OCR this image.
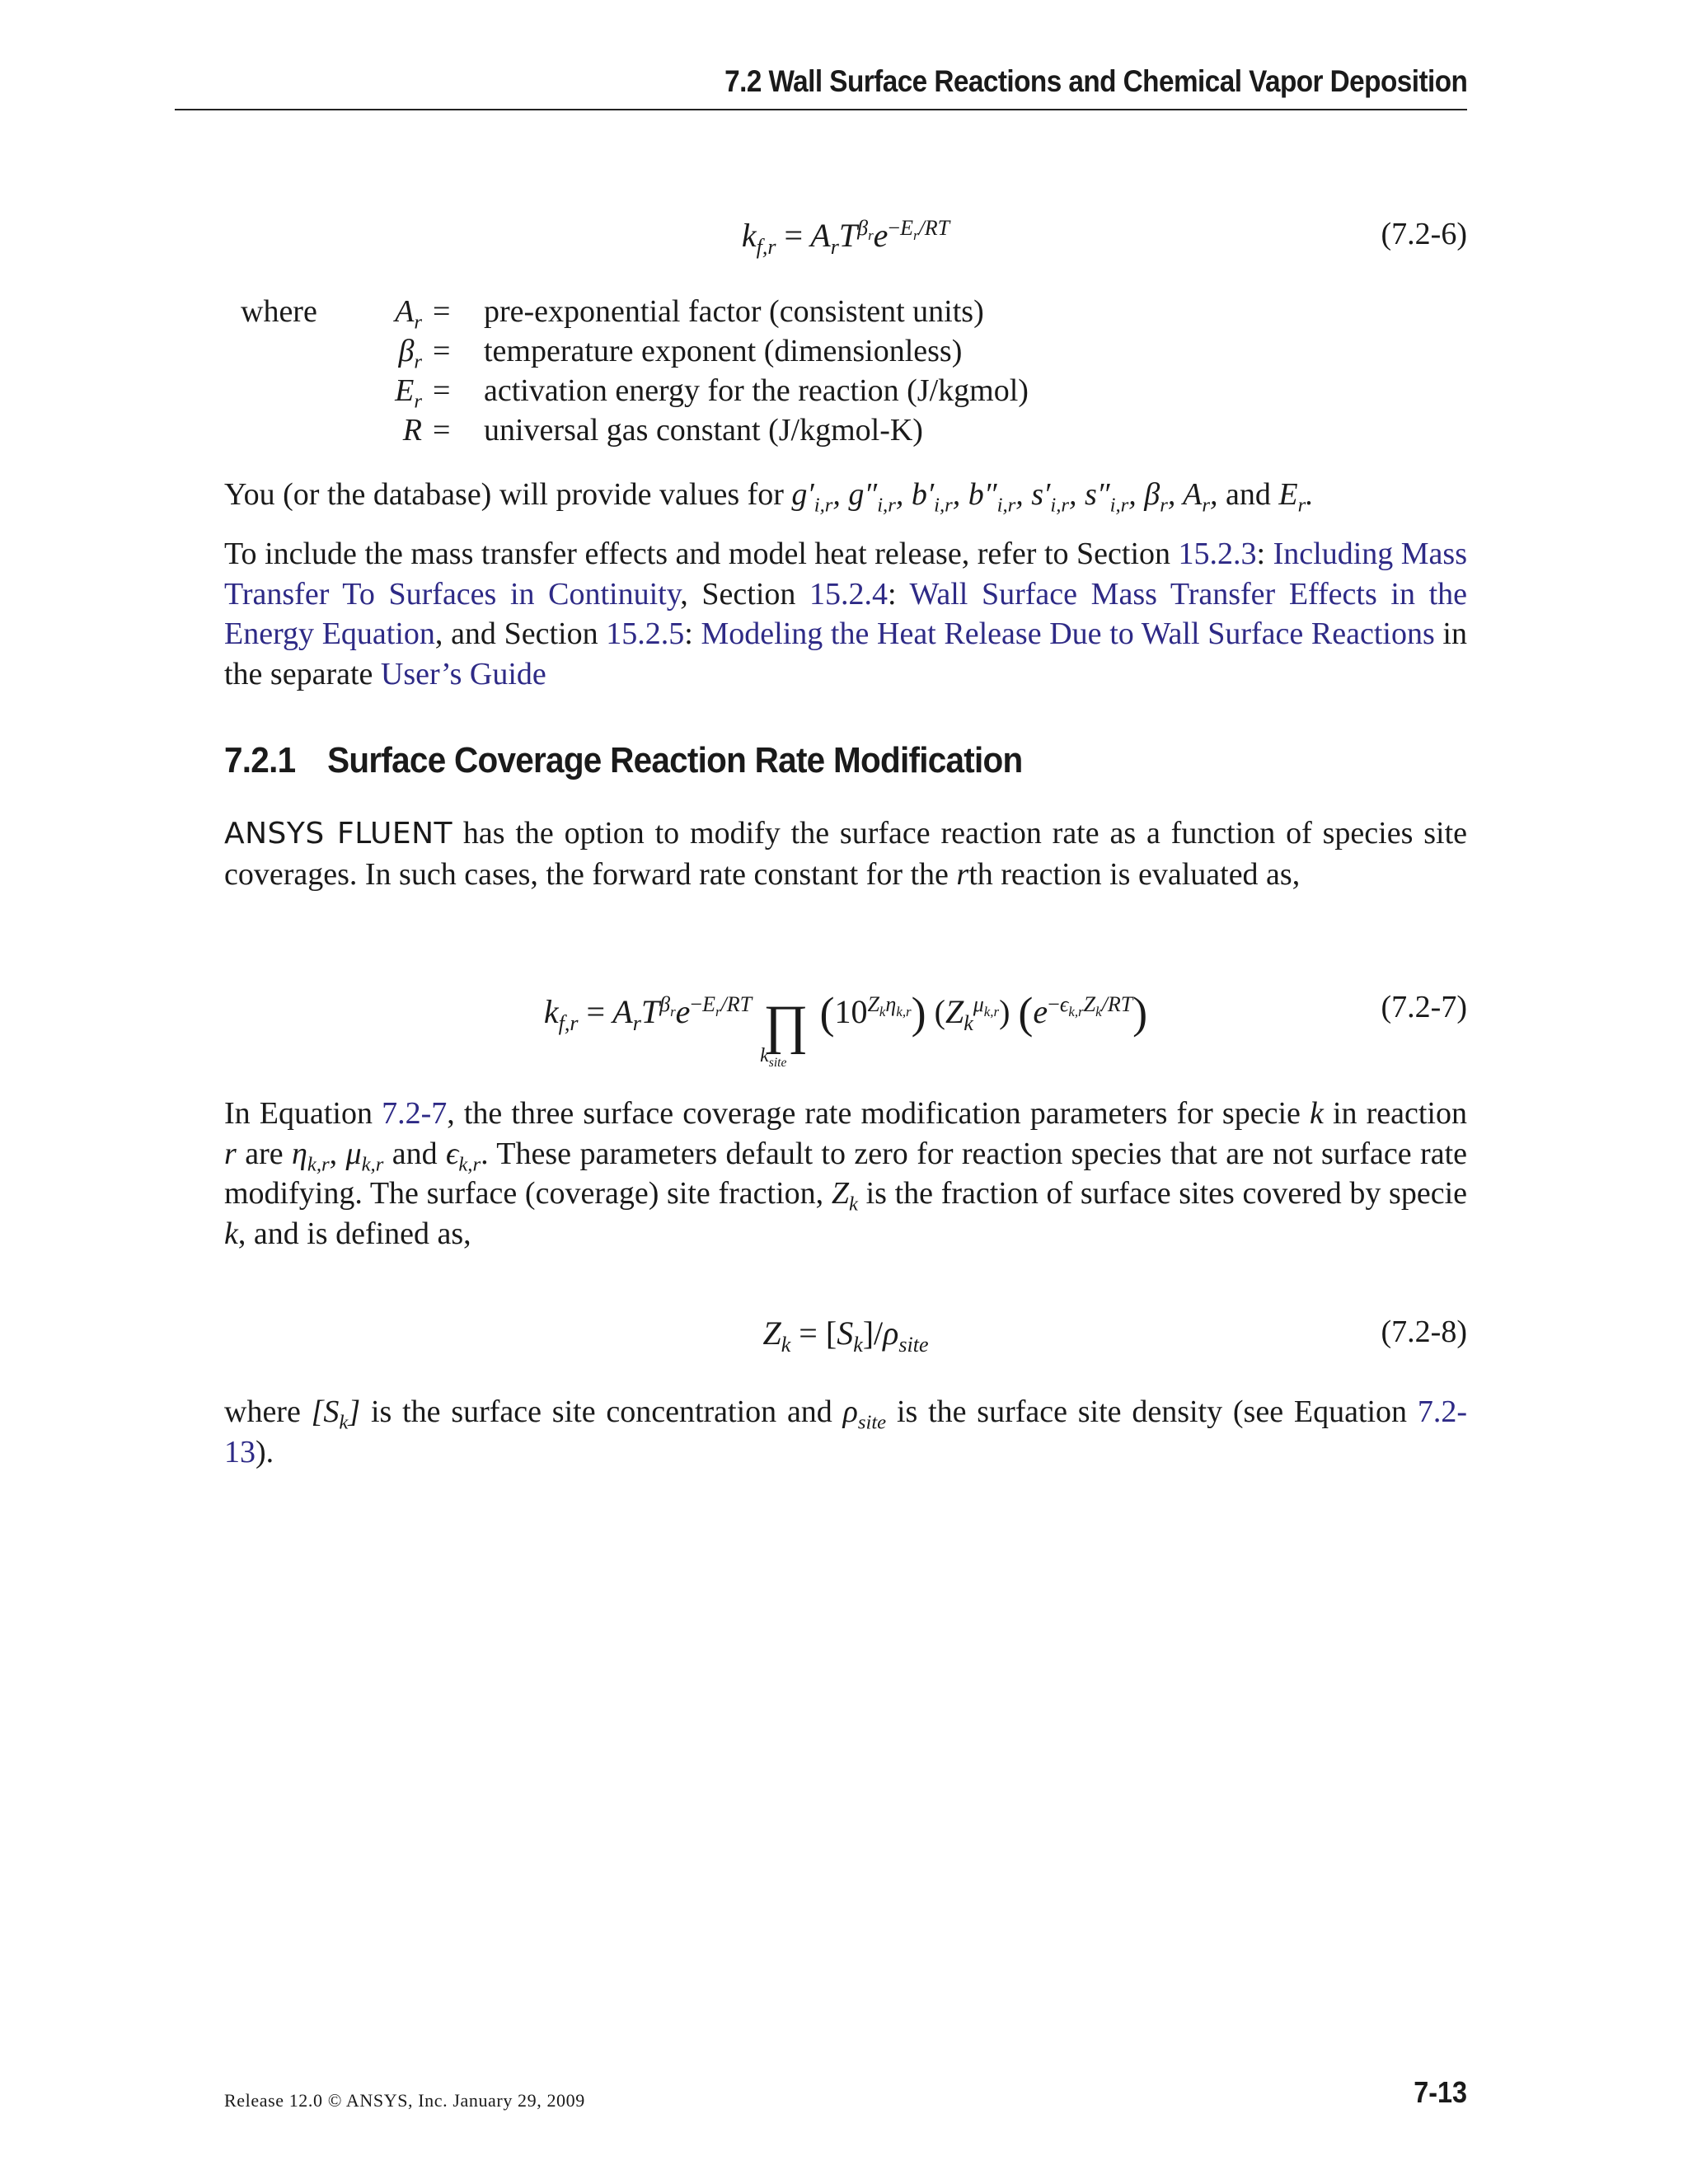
7.2 Wall Surface Reactions and Chemical Vapor Deposition
$k_{f,r} = A_rT^{\beta_r}e^{-E_r/RT}$	(7.2-6)
where	$A_r$ = pre-exponential factor (consistent units)
$\beta_r$ = temperature exponent (dimensionless)
$E_r$ = activation energy for the reaction (J/kgmol)
R = universal gas constant (J/kgmol-K)
You (or the database) will provide values for $g'_{i,r}$, $g''_{i,r}$, $b'_{i,r}$, $b''_{i,r}$, $s'_{i,r}$, $s''_{i,r}$, $\beta_r$, $A_r$, and $E_r$.
To include the mass transfer effects and model heat release, refer to Section 15.2.3: Including Mass Transfer To Surfaces in Continuity, Section 15.2.4: Wall Surface Mass Transfer Effects in the Energy Equation, and Section 15.2.5: Modeling the Heat Release Due to Wall Surface Reactions in the separate User’s Guide
7.2.1 Surface Coverage Reaction Rate Modification
ANSYS FLUENT has the option to modify the surface reaction rate as a function of species site coverages. In such cases, the forward rate constant for the rth reaction is evaluated as,
$k_{f,r} = A_rT^{\beta_r}e^{-E_r/RT}$ ∏
$k_{site}$
$(10^{Z_k\eta_{k,r}})$ $(Z_k^{\mu_{k,r}})$ $(e^{-\epsilon_{k,r}Z_k/RT})$	(7.2-7)
In Equation 7.2-7, the three surface coverage rate modification parameters for specie k in reaction r are $\eta_{k,r}$, $\mu_{k,r}$ and $\epsilon_{k,r}$. These parameters default to zero for reaction species that are not surface rate modifying. The surface (coverage) site fraction, $Z_k$ is the fraction of surface sites covered by specie k, and is defined as,
$Z_k = [S_k]/\rho_{site}$	(7.2-8)
where $[S_k]$ is the surface site concentration and $\rho_{site}$ is the surface site density (see Equation 7.2-13).
Release 12.0 © ANSYS, Inc. January 29, 2009	7-13
